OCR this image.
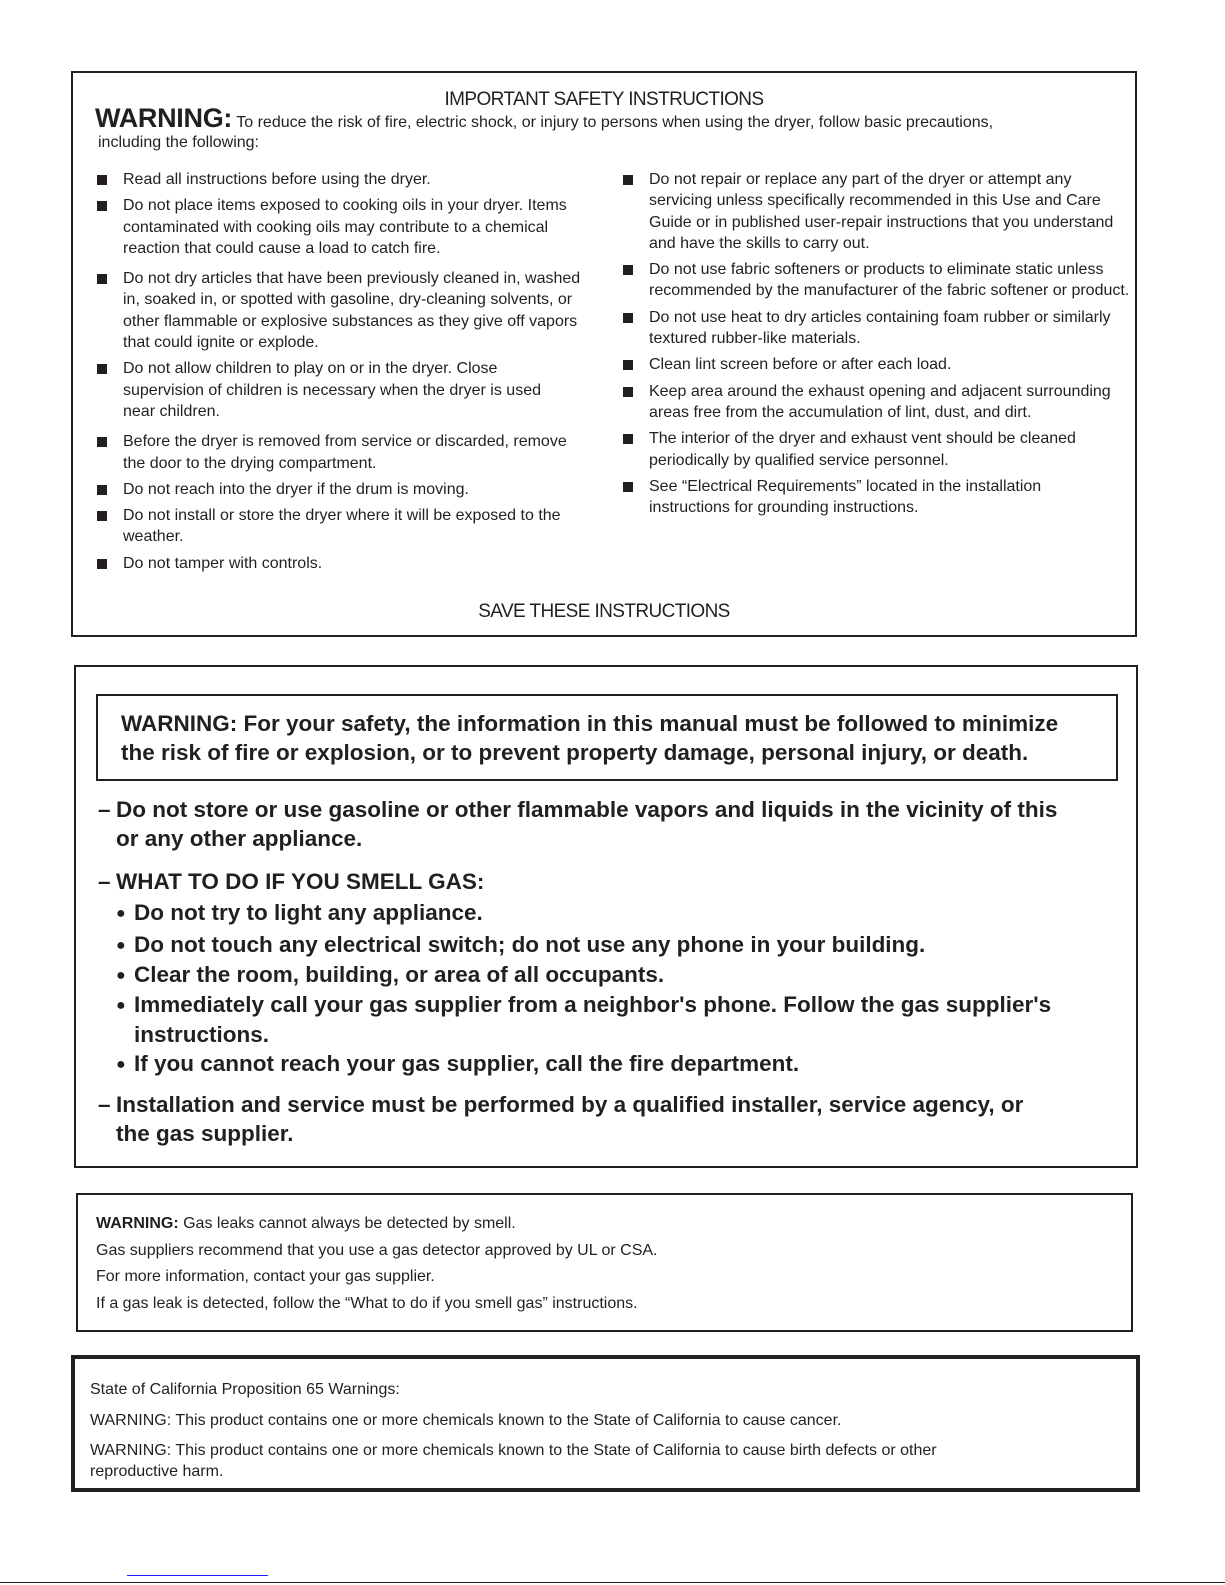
IMPORTANT SAFETY INSTRUCTIONS
WARNING: To reduce the risk of fire, electric shock, or injury to persons when using the dryer, follow basic precautions,
including the following:
Read all instructions before using the dryer.
Do not place items exposed to cooking oils in your dryer. Items contaminated with cooking oils may contribute to a chemical reaction that could cause a load to catch fire.
Do not dry articles that have been previously cleaned in, washed in, soaked in, or spotted with gasoline, dry-cleaning solvents, or other flammable or explosive substances as they give off vapors that could ignite or explode.
Do not allow children to play on or in the dryer. Close supervision of children is necessary when the dryer is used near children.
Before the dryer is removed from service or discarded, remove the door to the drying compartment.
Do not reach into the dryer if the drum is moving.
Do not install or store the dryer where it will be exposed to the weather.
Do not tamper with controls.
Do not repair or replace any part of the dryer or attempt any servicing unless specifically recommended in this Use and Care Guide or in published user-repair instructions that you understand and have the skills to carry out.
Do not use fabric softeners or products to eliminate static unless recommended by the manufacturer of the fabric softener or product.
Do not use heat to dry articles containing foam rubber or similarly textured rubber-like materials.
Clean lint screen before or after each load.
Keep area around the exhaust opening and adjacent surrounding areas free from the accumulation of lint, dust, and dirt.
The interior of the dryer and exhaust vent should be cleaned periodically by qualified service personnel.
See “Electrical Requirements” located in the installation instructions for grounding instructions.
SAVE THESE INSTRUCTIONS
WARNING: For your safety, the information in this manual must be followed to minimize
the risk of fire or explosion, or to prevent property damage, personal injury, or death.
– Do not store or use gasoline or other flammable vapors and liquids in the vicinity of this
or any other appliance.
– WHAT TO DO IF YOU SMELL GAS:
● Do not try to light any appliance.
● Do not touch any electrical switch; do not use any phone in your building.
● Clear the room, building, or area of all occupants.
● Immediately call your gas supplier from a neighbor's phone. Follow the gas supplier's
instructions.
● If you cannot reach your gas supplier, call the fire department.
– Installation and service must be performed by a qualified installer, service agency, or
the gas supplier.
WARNING: Gas leaks cannot always be detected by smell.
Gas suppliers recommend that you use a gas detector approved by UL or CSA.
For more information, contact your gas supplier.
If a gas leak is detected, follow the “What to do if you smell gas” instructions.
State of California Proposition 65 Warnings:
WARNING: This product contains one or more chemicals known to the State of California to cause cancer.
WARNING: This product contains one or more chemicals known to the State of California to cause birth defects or other
reproductive harm.
